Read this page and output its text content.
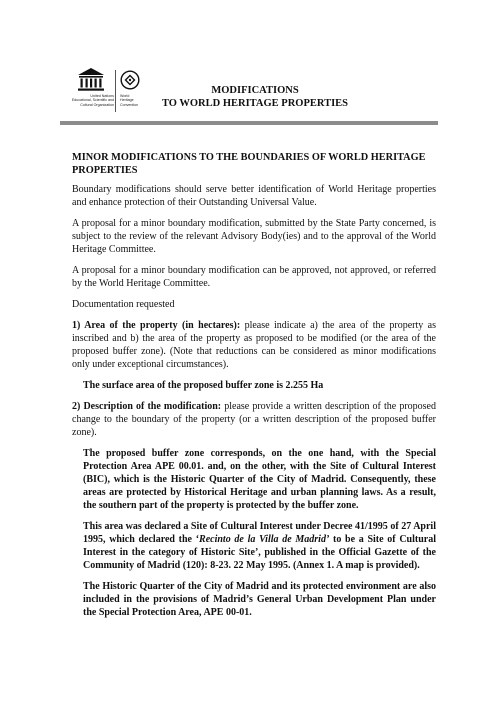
United Nations
Educational, Scientific and
Cultural Organization
World
Heritage
Convention
MODIFICATIONS
TO WORLD HERITAGE PROPERTIES

MINOR MODIFICATIONS TO THE BOUNDARIES OF WORLD HERITAGE PROPERTIES

Boundary modifications should serve better identification of World Heritage properties and enhance protection of their Outstanding Universal Value.

A proposal for a minor boundary modification, submitted by the State Party concerned, is subject to the review of the relevant Advisory Body(ies) and to the approval of the World Heritage Committee.

A proposal for a minor boundary modification can be approved, not approved, or referred by the World Heritage Committee.

Documentation requested

1) Area of the property (in hectares): please indicate a) the area of the property as inscribed and b) the area of the property as proposed to be modified (or the area of the proposed buffer zone). (Note that reductions can be considered as minor modifications only under exceptional circumstances).

The surface area of the proposed buffer zone is 2.255 Ha

2) Description of the modification: please provide a written description of the proposed change to the boundary of the property (or a written description of the proposed buffer zone).

The proposed buffer zone corresponds, on the one hand, with the Special Protection Area APE 00.01. and, on the other, with the Site of Cultural Interest (BIC), which is the Historic Quarter of the City of Madrid. Consequently, these areas are protected by Historical Heritage and urban planning laws. As a result, the southern part of the property is protected by the buffer zone.

This area was declared a Site of Cultural Interest under Decree 41/1995 of 27 April 1995, which declared the ‘Recinto de la Villa de Madrid’ to be a Site of Cultural Interest in the category of Historic Site’, published in the Official Gazette of the Community of Madrid (120): 8-23. 22 May 1995. (Annex 1. A map is provided).

The Historic Quarter of the City of Madrid and its protected environment are also included in the provisions of Madrid’s General Urban Development Plan under the Special Protection Area, APE 00-01.
